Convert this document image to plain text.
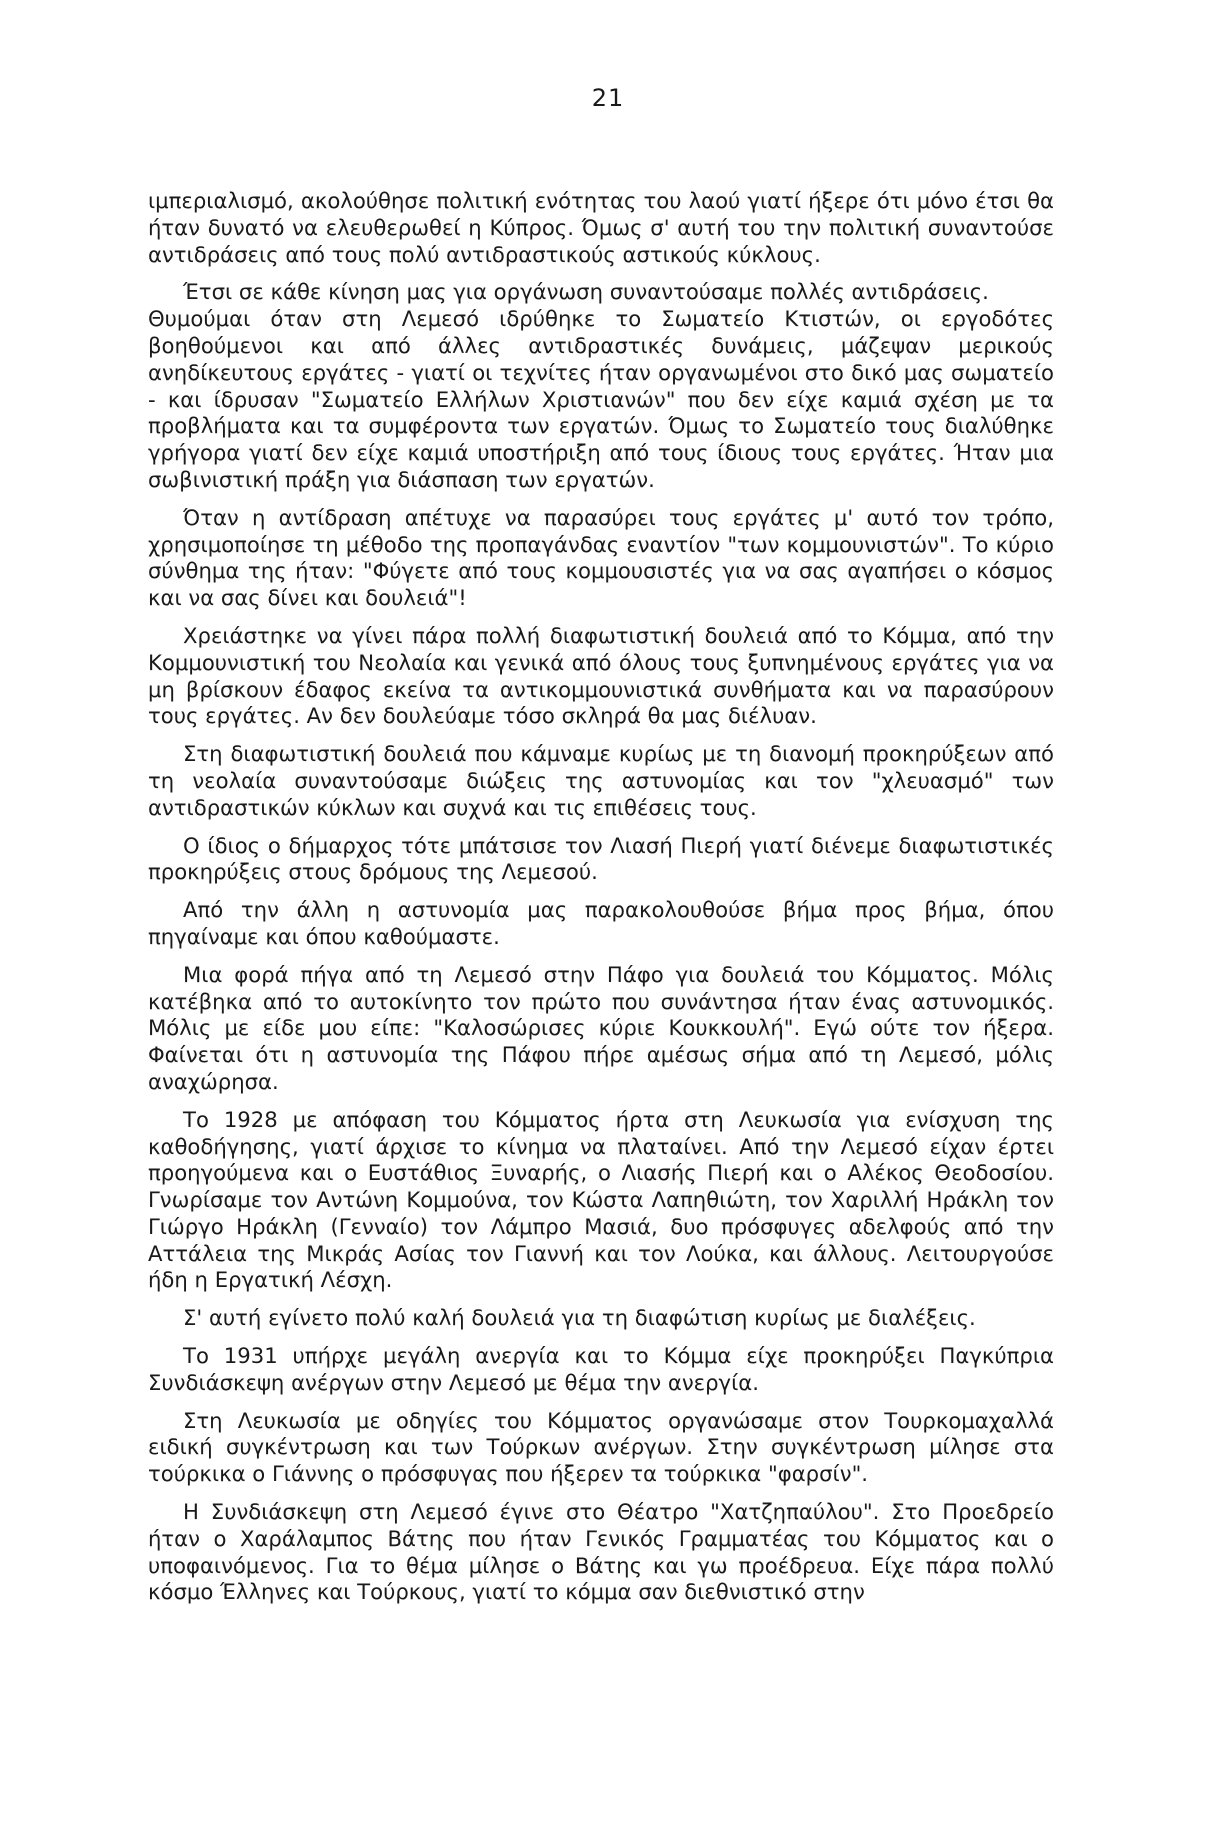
21

ιμπεριαλισμό, ακολούθησε πολιτική ενότητας του λαού γιατί ήξερε ότι μόνο έτσι θα ήταν δυνατό να ελευθερωθεί η Κύπρος. Όμως σ' αυτή του την πολιτική συναντούσε αντιδράσεις από τους πολύ αντιδραστικούς αστικούς κύκλους.

Έτσι σε κάθε κίνηση μας για οργάνωση συναντούσαμε πολλές αντιδράσεις.

Θυμούμαι όταν στη Λεμεσό ιδρύθηκε το Σωματείο Κτιστών, οι εργοδότες βοηθούμενοι και από άλλες αντιδραστικές δυνάμεις, μάζεψαν μερικούς ανηδίκευτους εργάτες - γιατί οι τεχνίτες ήταν οργανωμένοι στο δικό μας σωματείο - και ίδρυσαν "Σωματείο Ελλήλων Χριστιανών" που δεν είχε καμιά σχέση με τα προβλήματα και τα συμφέροντα των εργατών. Όμως το Σωματείο τους διαλύθηκε γρήγορα γιατί δεν είχε καμιά υποστήριξη από τους ίδιους τους εργάτες. Ήταν μια σωβινιστική πράξη για διάσπαση των εργατών.

Όταν η αντίδραση απέτυχε να παρασύρει τους εργάτες μ' αυτό τον τρόπο, χρησιμοποίησε τη μέθοδο της προπαγάνδας εναντίον "των κομμουνιστών". Το κύριο σύνθημα της ήταν: "Φύγετε από τους κομμουσιστές για να σας αγαπήσει ο κόσμος και να σας δίνει και δουλειά"!

Χρειάστηκε να γίνει πάρα πολλή διαφωτιστική δουλειά από το Κόμμα, από την Κομμουνιστική του Νεολαία και γενικά από όλους τους ξυπνημένους εργάτες για να μη βρίσκουν έδαφος εκείνα τα αντικομμουνιστικά συνθήματα και να παρασύρουν τους εργάτες. Αν δεν δουλεύαμε τόσο σκληρά θα μας διέλυαν.

Στη διαφωτιστική δουλειά που κάμναμε κυρίως με τη διανομή προκηρύξεων από τη νεολαία συναντούσαμε διώξεις της αστυνομίας και τον "χλευασμό" των αντιδραστικών κύκλων και συχνά και τις επιθέσεις τους.

Ο ίδιος ο δήμαρχος τότε μπάτσισε τον Λιασή Πιερή γιατί διένεμε διαφωτιστικές προκηρύξεις στους δρόμους της Λεμεσού.

Από την άλλη η αστυνομία μας παρακολουθούσε βήμα προς βήμα, όπου πηγαίναμε και όπου καθούμαστε.

Μια φορά πήγα από τη Λεμεσό στην Πάφο για δουλειά του Κόμματος. Μόλις κατέβηκα από το αυτοκίνητο τον πρώτο που συνάντησα ήταν ένας αστυνομικός. Μόλις με είδε μου είπε: "Καλοσώρισες κύριε Κουκκουλή". Εγώ ούτε τον ήξερα. Φαίνεται ότι η αστυνομία της Πάφου πήρε αμέσως σήμα από τη Λεμεσό, μόλις αναχώρησα.

Το 1928 με απόφαση του Κόμματος ήρτα στη Λευκωσία για ενίσχυση της καθοδήγησης, γιατί άρχισε το κίνημα να πλαταίνει. Από την Λεμεσό είχαν έρτει προηγούμενα και ο Ευστάθιος Ξυναρής, ο Λιασής Πιερή και ο Αλέκος Θεοδοσίου. Γνωρίσαμε τον Αντώνη Κομμούνα, τον Κώστα Λαπηθιώτη, τον Χαριλλή Ηράκλη τον Γιώργο Ηράκλη (Γενναίο) τον Λάμπρο Μασιά, δυο πρόσφυγες αδελφούς από την Αττάλεια της Μικράς Ασίας τον Γιαννή και τον Λούκα, και άλλους. Λειτουργούσε ήδη η Εργατική Λέσχη.

Σ' αυτή εγίνετο πολύ καλή δουλειά για τη διαφώτιση κυρίως με διαλέξεις.

Το 1931 υπήρχε μεγάλη ανεργία και το Κόμμα είχε προκηρύξει Παγκύπρια Συνδιάσκεψη ανέργων στην Λεμεσό με θέμα την ανεργία.

Στη Λευκωσία με οδηγίες του Κόμματος οργανώσαμε στον Τουρκομαχαλλά ειδική συγκέντρωση και των Τούρκων ανέργων. Στην συγκέντρωση μίλησε στα τούρκικα ο Γιάννης ο πρόσφυγας που ήξερεν τα τούρκικα "φαρσίν".

Η Συνδιάσκεψη στη Λεμεσό έγινε στο Θέατρο "Χατζηπαύλου". Στο Προεδρείο ήταν ο Χαράλαμπος Βάτης που ήταν Γενικός Γραμματέας του Κόμματος και ο υποφαινόμενος. Για το θέμα μίλησε ο Βάτης και γω προέδρευα. Είχε πάρα πολλύ κόσμο Έλληνες και Τούρκους, γιατί το κόμμα σαν διεθνιστικό στην
